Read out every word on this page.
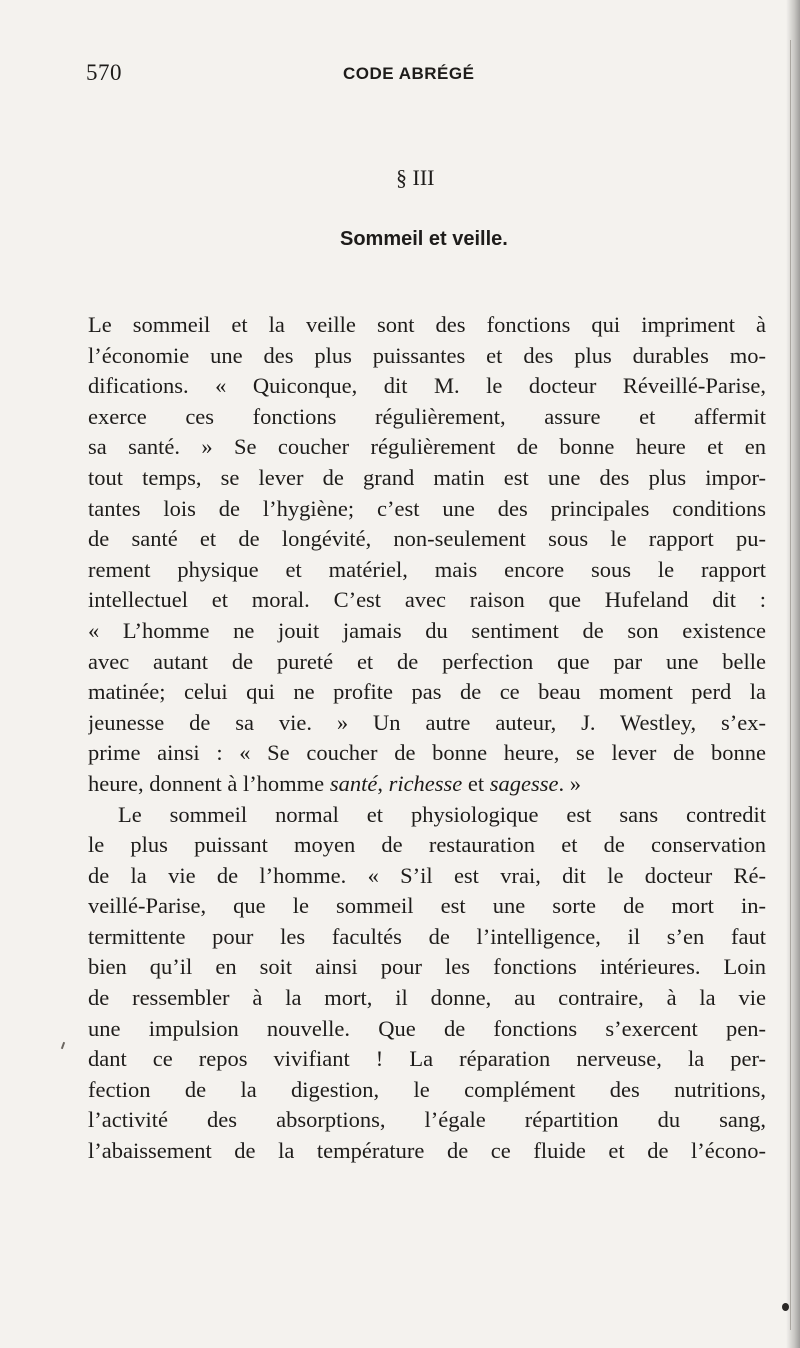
570	CODE ABRÉGÉ
§ III
Sommeil et veille.
Le sommeil et la veille sont des fonctions qui impriment à
l’économie une des plus puissantes et des plus durables mo-
difications. « Quiconque, dit M. le docteur Réveillé-Parise,
exerce ces fonctions régulièrement, assure et affermit
sa santé. » Se coucher régulièrement de bonne heure et en
tout temps, se lever de grand matin est une des plus impor-
tantes lois de l’hygiène; c’est une des principales conditions
de santé et de longévité, non-seulement sous le rapport pu-
rement physique et matériel, mais encore sous le rapport
intellectuel et moral. C’est avec raison que Hufeland dit :
« L’homme ne jouit jamais du sentiment de son existence
avec autant de pureté et de perfection que par une belle
matinée; celui qui ne profite pas de ce beau moment perd la
jeunesse de sa vie. » Un autre auteur, J. Westley, s’ex-
prime ainsi : « Se coucher de bonne heure, se lever de bonne
heure, donnent à l’homme santé, richesse et sagesse. »
Le sommeil normal et physiologique est sans contredit
le plus puissant moyen de restauration et de conservation
de la vie de l’homme. « S’il est vrai, dit le docteur Ré-
veillé-Parise, que le sommeil est une sorte de mort in-
termittente pour les facultés de l’intelligence, il s’en faut
bien qu’il en soit ainsi pour les fonctions intérieures. Loin
de ressembler à la mort, il donne, au contraire, à la vie
une impulsion nouvelle. Que de fonctions s’exercent pen-
dant ce repos vivifiant ! La réparation nerveuse, la per-
fection de la digestion, le complément des nutritions,
l’activité des absorptions, l’égale répartition du sang,
l’abaissement de la température de ce fluide et de l’écono-
